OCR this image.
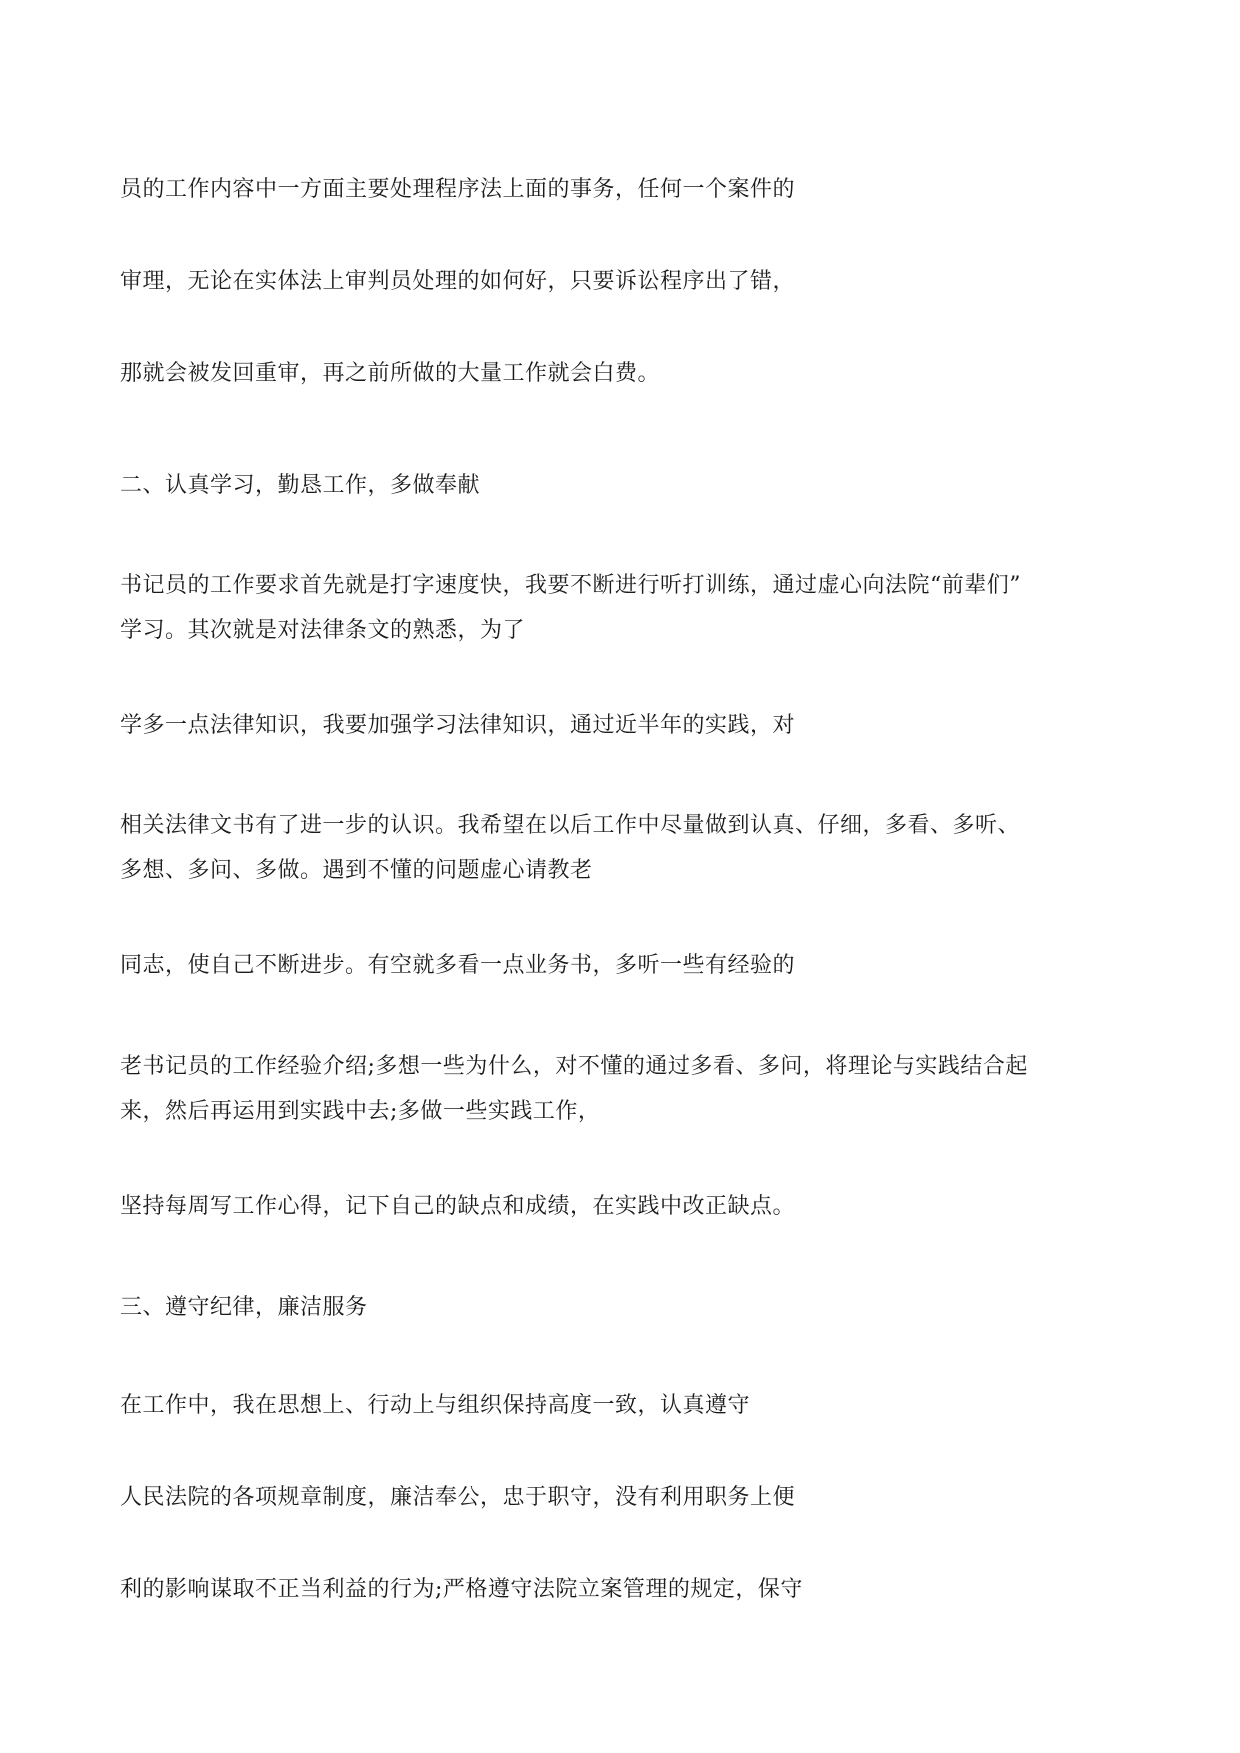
员的工作内容中一方面主要处理程序法上面的事务，任何一个案件的
审理，无论在实体法上审判员处理的如何好，只要诉讼程序出了错，
那就会被发回重审，再之前所做的大量工作就会白费。
二、认真学习，勤恳工作，多做奉献
书记员的工作要求首先就是打字速度快，我要不断进行听打训练，通过虚心向法院“前辈们”
学习。其次就是对法律条文的熟悉，为了
学多一点法律知识，我要加强学习法律知识，通过近半年的实践，对
相关法律文书有了进一步的认识。我希望在以后工作中尽量做到认真、仔细，多看、多听、
多想、多问、多做。遇到不懂的问题虚心请教老
同志，使自己不断进步。有空就多看一点业务书，多听一些有经验的
老书记员的工作经验介绍;多想一些为什么，对不懂的通过多看、多问，将理论与实践结合起
来，然后再运用到实践中去;多做一些实践工作，
坚持每周写工作心得，记下自己的缺点和成绩，在实践中改正缺点。
三、遵守纪律，廉洁服务
在工作中，我在思想上、行动上与组织保持高度一致，认真遵守
人民法院的各项规章制度，廉洁奉公，忠于职守，没有利用职务上便
利的影响谋取不正当利益的行为;严格遵守法院立案管理的规定，保守
